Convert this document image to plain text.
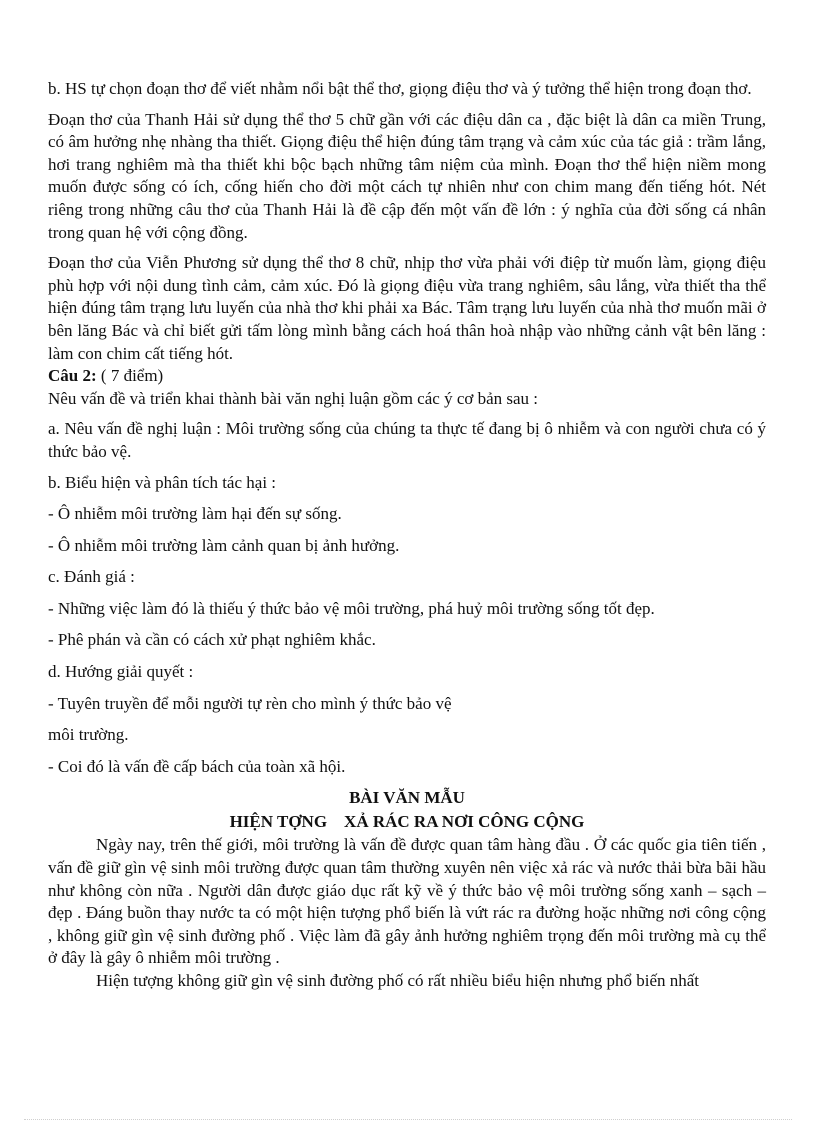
b. HS tự chọn đoạn thơ để viết nhằm nổi bật thể thơ, giọng điệu thơ và ý tưởng thể hiện trong đoạn thơ.

Đoạn thơ của Thanh Hải sử dụng thể thơ 5 chữ gần với các điệu dân ca , đặc biệt là dân ca miền Trung, có âm hưởng nhẹ nhàng tha thiết. Giọng điệu thể hiện đúng tâm trạng và cảm xúc của tác giả : trầm lắng, hơi trang nghiêm mà tha thiết khi bộc bạch những tâm niệm của mình. Đoạn thơ thể hiện niềm mong muốn được sống có ích, cống hiến cho đời một cách tự nhiên như con chim mang đến tiếng hót. Nét riêng trong những câu thơ của Thanh Hải là đề cập đến một vấn đề lớn : ý nghĩa của đời sống cá nhân trong quan hệ với cộng đồng.

Đoạn thơ của Viễn Phương sử dụng thể thơ 8 chữ, nhịp thơ vừa phải với điệp từ muốn làm, giọng điệu phù hợp với nội dung tình cảm, cảm xúc. Đó là giọng điệu vừa trang nghiêm, sâu lắng, vừa thiết tha thể hiện đúng tâm trạng lưu luyến của nhà thơ khi phải xa Bác. Tâm trạng lưu luyến của nhà thơ muốn mãi ở bên lăng Bác và chỉ biết gửi tấm lòng mình bằng cách hoá thân hoà nhập vào những cảnh vật bên lăng : làm con chim cất tiếng hót.

Câu 2: ( 7 điểm)

Nêu vấn đề và triển khai thành bài văn nghị luận gồm các ý cơ bản sau :

a. Nêu vấn đề nghị luận : Môi trường sống của chúng ta thực tế đang bị ô nhiễm và con người chưa có ý thức bảo vệ.

b. Biểu hiện và phân tích tác hại :

- Ô nhiễm môi trường làm hại đến sự sống.

- Ô nhiễm môi trường làm cảnh quan bị ảnh hưởng.

c. Đánh giá :

- Những việc làm đó là thiếu ý thức bảo vệ môi trường, phá huỷ môi trường sống tốt đẹp.

- Phê phán và cần có cách xử phạt nghiêm khắc.

d. Hướng giải quyết :

- Tuyên truyền để mỗi người tự rèn cho mình ý thức bảo vệ

môi trường.

- Coi đó là vấn đề cấp bách của toàn xã hội.

BÀI VĂN MẪU

HIỆN TỢNG    XẢ RÁC RA NƠI CÔNG CỘNG

Ngày nay, trên thế giới, môi trường là vấn đề được quan tâm hàng đầu . Ở các quốc gia tiên tiến , vấn đề giữ gìn vệ sinh môi trường được quan tâm thường xuyên nên việc xả rác và nước thải bừa bãi hầu như không còn nữa . Người dân được giáo dục rất kỹ về ý thức bảo vệ môi trường sống xanh – sạch – đẹp . Đáng buồn thay nước ta có một hiện tượng phổ biến là vứt rác ra đường hoặc những nơi công cộng , không giữ gìn vệ sinh đường phố . Việc làm đã gây ảnh hưởng nghiêm trọng đến môi trường mà cụ thể ở đây là gây ô nhiễm môi trường .

Hiện tượng không giữ gìn vệ sinh đường phố có rất nhiều biểu hiện nhưng phổ biến nhất
